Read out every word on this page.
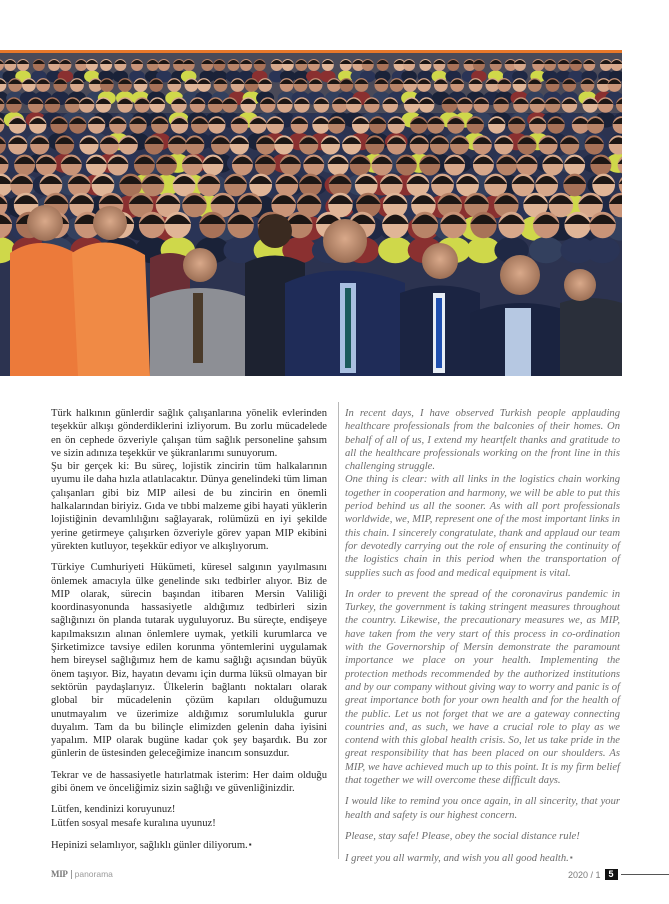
Türk halkının günlerdir sağlık çalışanlarına yönelik evlerinden teşekkür alkışı gönderdiklerini izliyorum. Bu zorlu mücadelede en ön cephede özveriyle çalışan tüm sağlık personeline şahsım ve sizin adınıza teşekkür ve şükranlarımı sunuyorum.

Şu bir gerçek ki: Bu süreç, lojistik zincirin tüm halkalarının uyumu ile daha hızla atlatılacaktır. Dünya genelindeki tüm liman çalışanları gibi biz MIP ailesi de bu zincirin en önemli halkalarından biriyiz. Gıda ve tıbbi malzeme gibi hayati yüklerin lojistiğinin devamlılığını sağlayarak, rolümüzü en iyi şekilde yerine getirmeye çalışırken özveriyle görev yapan MIP ekibini yürekten kutluyor, teşekkür ediyor ve alkışlıyorum.

Türkiye Cumhuriyeti Hükümeti, küresel salgının yayılmasını önlemek amacıyla ülke genelinde sıkı tedbirler alıyor. Biz de MIP olarak, sürecin başından itibaren Mersin Valiliği koordinasyonunda hassasiyetle aldığımız tedbirleri sizin sağlığınızı ön planda tutarak uyguluyoruz. Bu süreçte, endişeye kapılmaksızın alınan önlemlere uymak, yetkili kurumlarca ve Şirketimizce tavsiye edilen korunma yöntemlerini uygulamak hem bireysel sağlığımız hem de kamu sağlığı açısından büyük önem taşıyor. Biz, hayatın devamı için durma lüksü olmayan bir sektörün paydaşlarıyız. Ülkelerin bağlantı noktaları olarak global bir mücadelenin çözüm kapıları olduğumuzu unutmayalım ve üzerimize aldığımız sorumlulukla gurur duyalım. Tam da bu bilinçle elimizden gelenin daha iyisini yapalım. MIP olarak bugüne kadar çok şey başardık. Bu zor günlerin de üstesinden geleceğimize inancım sonsuzdur.

Tekrar ve de hassasiyetle hatırlatmak isterim: Her daim olduğu gibi önem ve önceliğimiz sizin sağlığı ve güvenliğinizdir.

Lütfen, kendinizi koruyunuz!

Lütfen sosyal mesafe kuralına uyunuz!

Hepinizi selamlıyor, sağlıklı günler diliyorum.▪

In recent days, I have observed Turkish people applauding healthcare professionals from the balconies of their homes. On behalf of all of us, I extend my heartfelt thanks and gratitude to all the healthcare professionals working on the front line in this challenging struggle.

One thing is clear: with all links in the logistics chain working together in cooperation and harmony, we will be able to put this period behind us all the sooner. As with all port professionals worldwide, we, MIP, represent one of the most important links in this chain. I sincerely congratulate, thank and applaud our team for devotedly carrying out the role of ensuring the continuity of the logistics chain in this period when the transportation of supplies such as food and medical equipment is vital.

In order to prevent the spread of the coronavirus pandemic in Turkey, the government is taking stringent measures throughout the country. Likewise, the precautionary measures we, as MIP, have taken from the very start of this process in co-ordination with the Governorship of Mersin demonstrate the paramount importance we place on your health. Implementing the protection methods recommended by the authorized institutions and by our company without giving way to worry and panic is of great importance both for your own health and for the health of the public. Let us not forget that we are a gateway connecting countries and, as such, we have a crucial role to play as we contend with this global health crisis. So, let us take pride in the great responsibility that has been placed on our shoulders. As MIP, we have achieved much up to this point. It is my firm belief that together we will overcome these difficult days.

I would like to remind you once again, in all sincerity, that your health and safety is our highest concern.

Please, stay safe! Please, obey the social distance rule!

I greet you all warmly, and wish you all good health.▪

MIP panorama	2020 / 1 5
